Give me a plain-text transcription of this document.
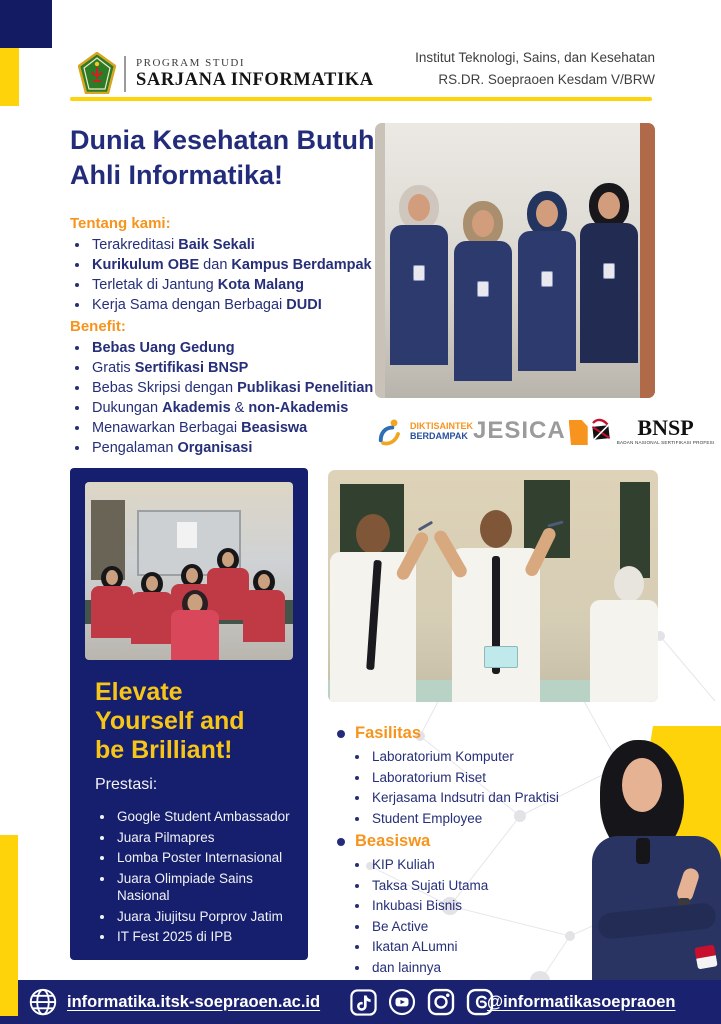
PROGRAM STUDI
SARJANA INFORMATIKA
Institut Teknologi, Sains, dan Kesehatan
RS.DR. Soepraoen Kesdam V/BRW
Dunia Kesehatan Butuh
Ahli Informatika!
Tentang kami:
• Terakreditasi Baik Sekali
• Kurikulum OBE dan Kampus Berdampak
• Terletak di Jantung Kota Malang
• Kerja Sama dengan Berbagai DUDI
Benefit:
• Bebas Uang Gedung
• Gratis Sertifikasi BNSP
• Bebas Skripsi dengan Publikasi Penelitian
• Dukungan Akademis & non-Akademis
• Menawarkan Berbagai Beasiswa
• Pengalaman Organisasi
DIKTISAINTEK
BERDAMPAK JESICA	BNSP
BADAN NASIONAL SERTIFIKASI PROFESI
Elevate
Yourself and
be Brilliant!
Prestasi:
• Google Student Ambassador
• Juara Pilmapres
• Lomba Poster Internasional
• Juara Olimpiade Sains Nasional
• Juara Jiujitsu Porprov Jatim
• IT Fest 2025 di IPB
Fasilitas
• Laboratorium Komputer
• Laboratorium Riset
• Kerjasama Indsutri dan Praktisi
• Student Employee
Beasiswa
• KIP Kuliah
• Taksa Sujati Utama
• Inkubasi Bisnis
• Be Active
• Ikatan ALumni
• dan lainnya
informatika.itsk-soepraoen.ac.id	@informatikasoepraoen
